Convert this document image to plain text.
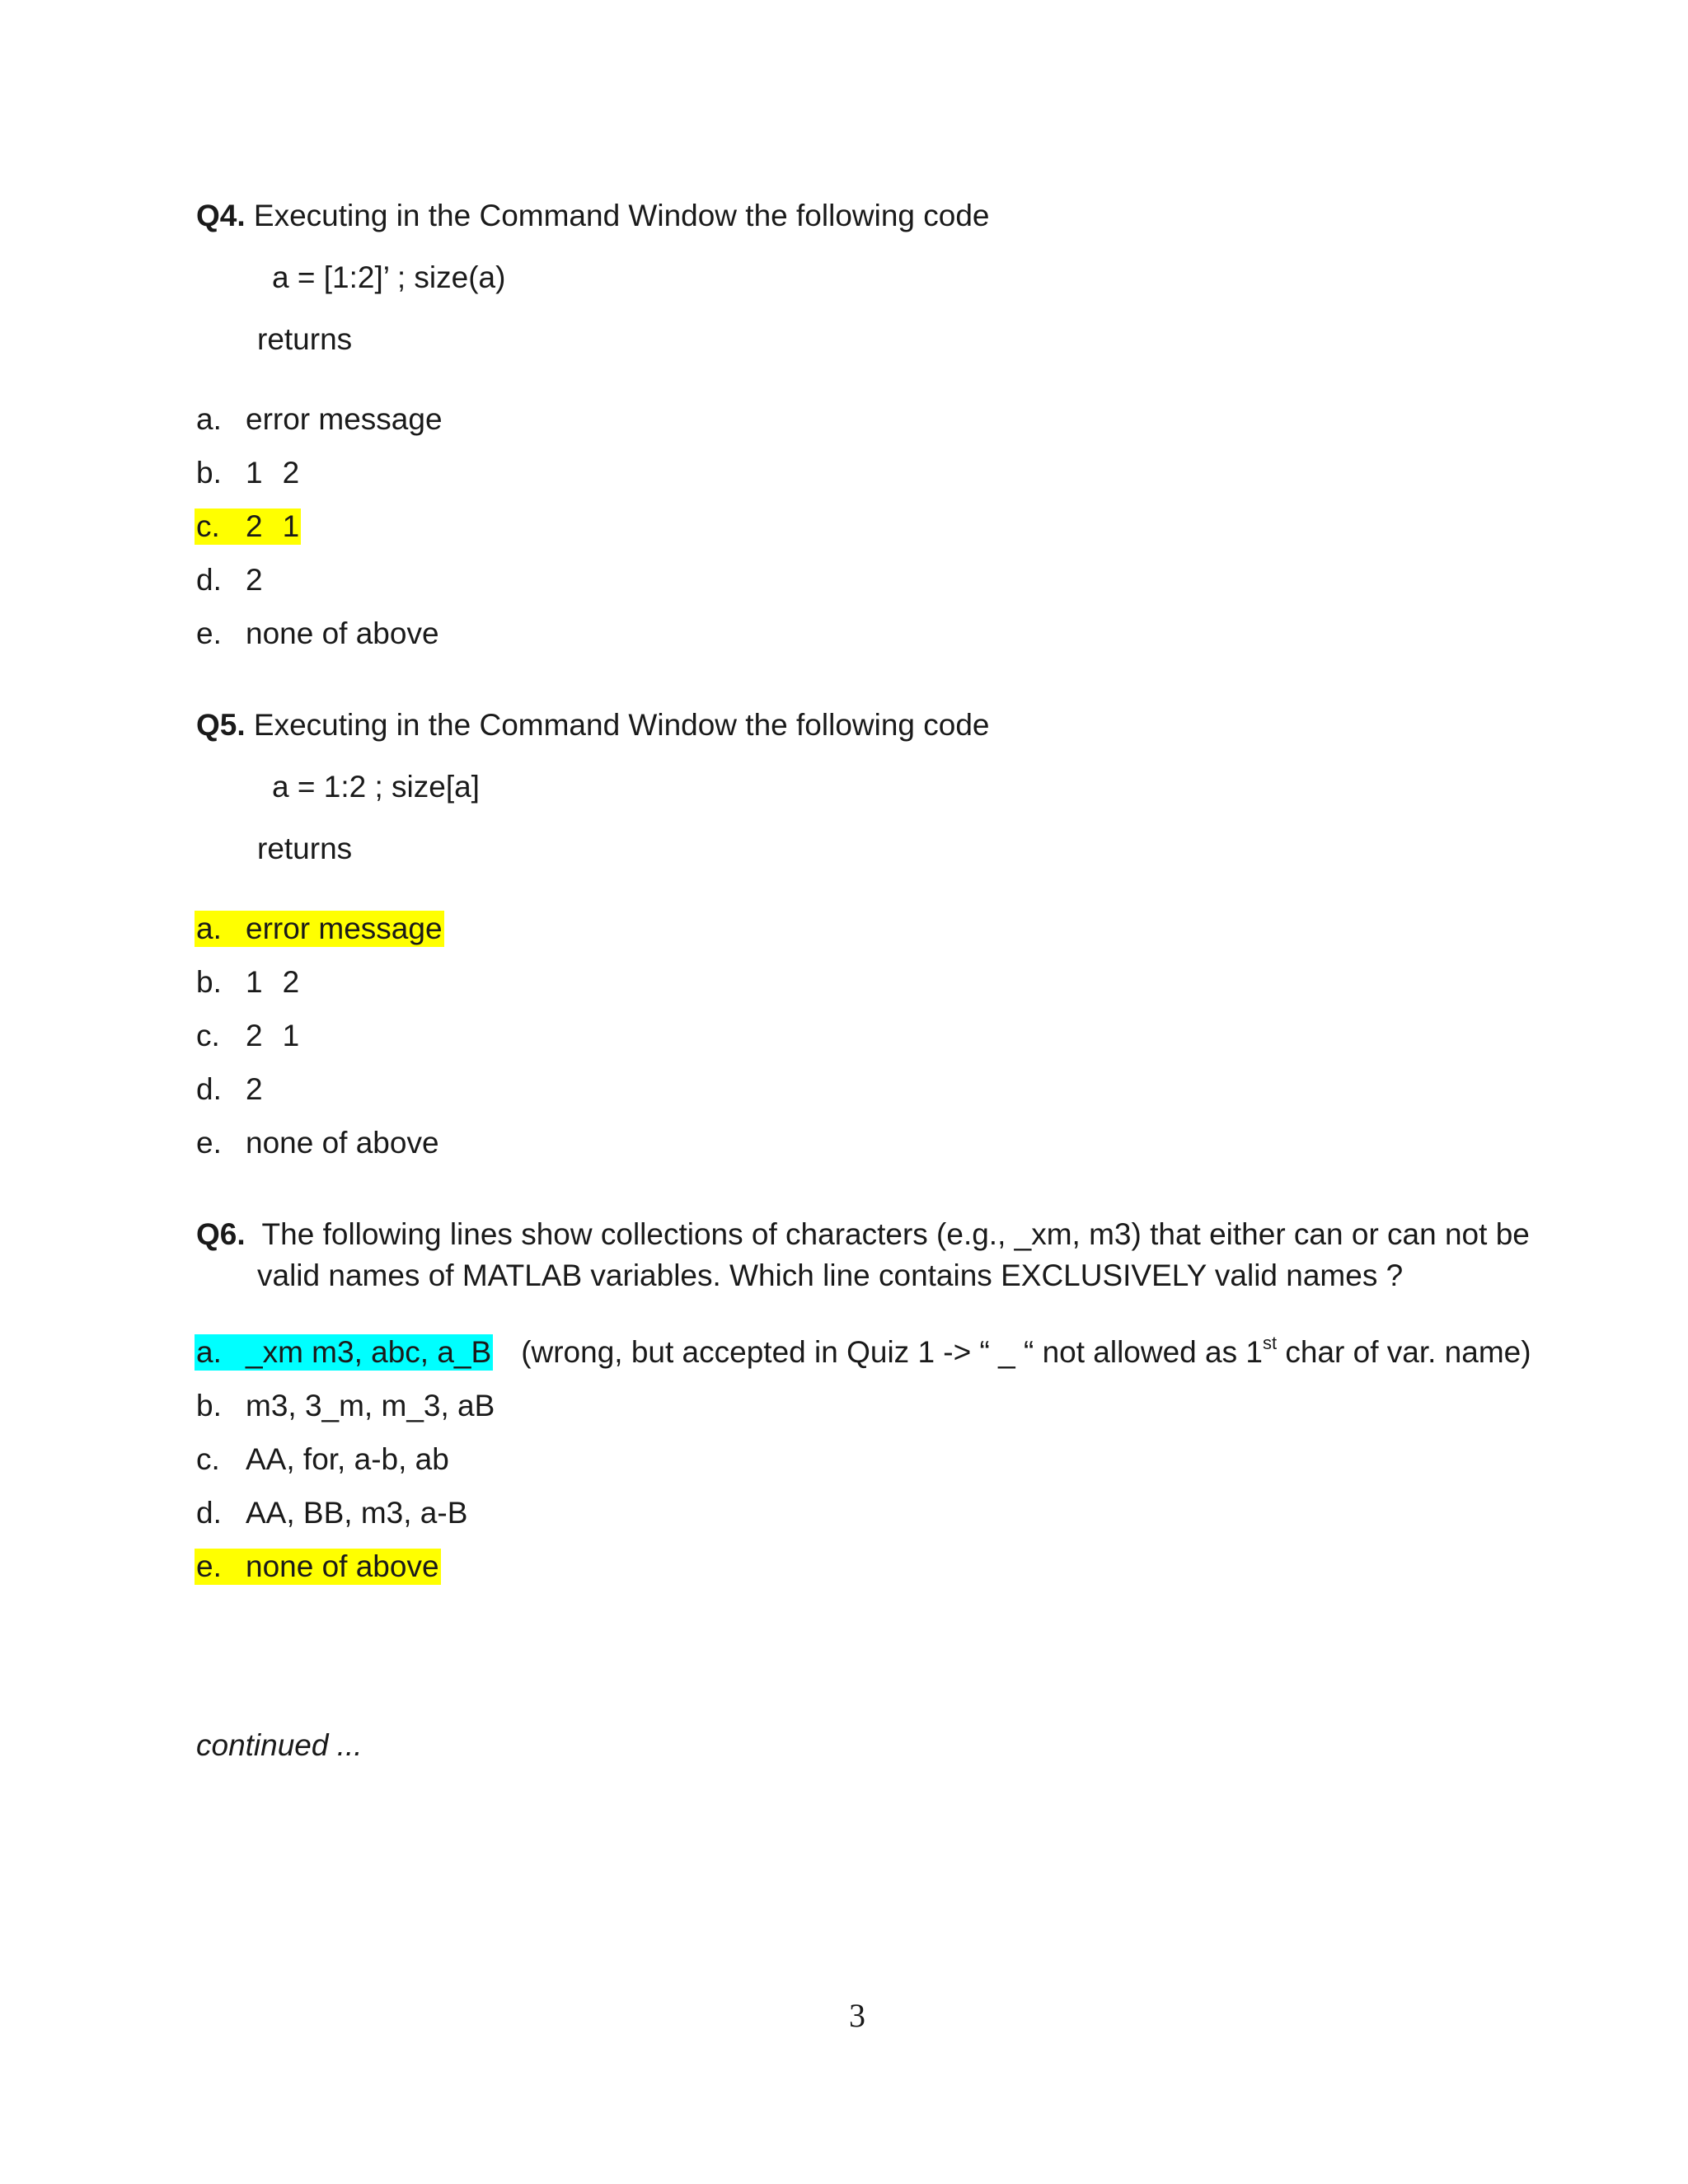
Q4. Executing in the Command Window the following code
a = [1:2]’ ; size(a)
returns
a. error message
b. 1 2
c. 2 1
d. 2
e. none of above
Q5. Executing in the Command Window the following code
a = 1:2 ; size[a]
returns
a. error message
b. 1 2
c. 2 1
d. 2
e. none of above
Q6. The following lines show collections of characters (e.g., _xm, m3) that either can or can not be
valid names of MATLAB variables. Which line contains EXCLUSIVELY valid names ?
a. _xm m3, abc, a_B (wrong, but accepted in Quiz 1 -> “ _ “ not allowed as 1st char of var. name)
b. m3, 3_m, m_3, aB
c. AA, for, a-b, ab
d. AA, BB, m3, a-B
e. none of above
continued ...
3
